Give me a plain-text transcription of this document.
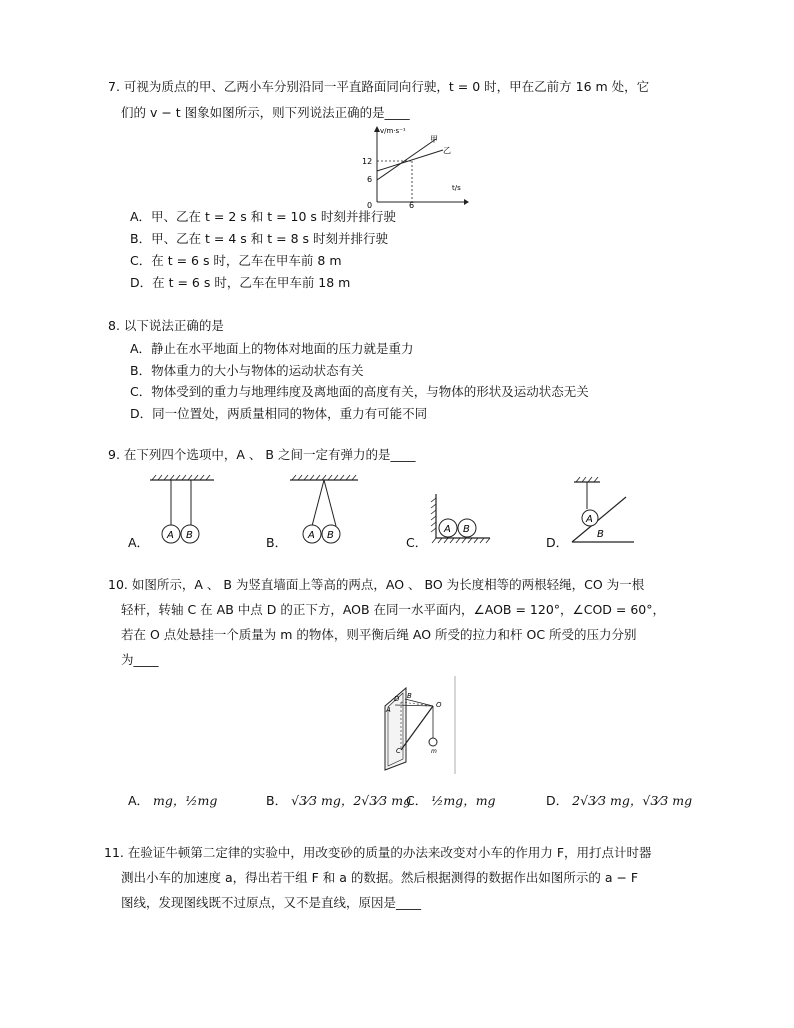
7. 可视为质点的甲、乙两小车分别沿同一平直路面同向行驶，t = 0 时，甲在乙前方 16 m 处，它
们的 v − t 图象如图所示，则下列说法正确的是____
v/m·s⁻¹
t/s
12
6
0	6
甲
乙
A．甲、乙在 t = 2 s 和 t = 10 s 时刻并排行驶
B．甲、乙在 t = 4 s 和 t = 8 s 时刻并排行驶
C．在 t = 6 s 时，乙车在甲车前 8 m
D．在 t = 6 s 时，乙车在甲车前 18 m
8. 以下说法正确的是
A．静止在水平地面上的物体对地面的压力就是重力
B．物体重力的大小与物体的运动状态有关
C．物体受到的重力与地理纬度及离地面的高度有关，与物体的形状及运动状态无关
D．同一位置处，两质量相同的物体，重力有可能不同
9. 在下列四个选项中，A 、 B 之间一定有弹力的是____
A． A B	B． A B	C．
A B
D．
A
B
10. 如图所示，A 、 B 为竖直墙面上等高的两点，AO 、 BO 为长度相等的两根轻绳，CO 为一根
轻杆，转轴 C 在 AB 中点 D 的正下方，AOB 在同一水平面内，∠AOB = 120°，∠COD = 60°，
若在 O 点处悬挂一个质量为 m 的物体，则平衡后绳 AO 所受的拉力和杆 OC 所受的压力分别
为____
B
D
A
O
C	m
A． mg，½mg	B． √3⁄3 mg，2√3⁄3 mg
C． ½mg，mg	D． 2√3⁄3 mg，√3⁄3 mg
11. 在验证牛顿第二定律的实验中，用改变砂的质量的办法来改变对小车的作用力 F，用打点计时器
测出小车的加速度 a，得出若干组 F 和 a 的数据。然后根据测得的数据作出如图所示的 a − F
图线，发现图线既不过原点，又不是直线，原因是____
